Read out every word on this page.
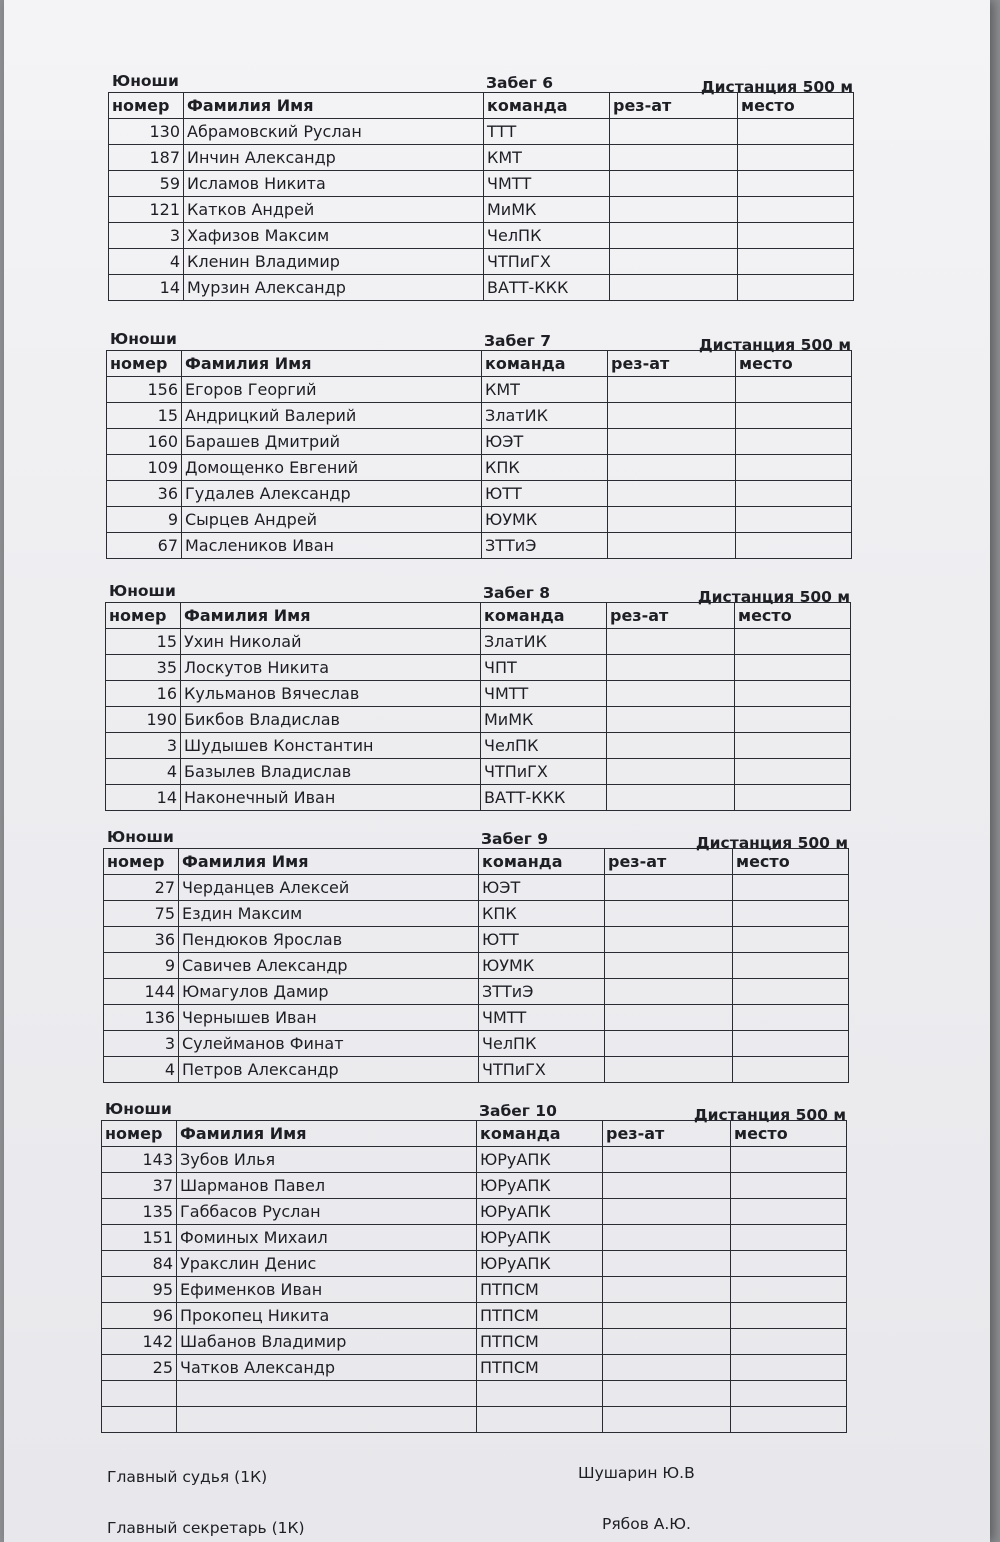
Юноши	Забег 6	Дистанция 500 м
номер	Фамилия Имя	команда	рез-ат	место
130	Абрамовский Руслан	ТТТ		
187	Инчин Александр	КМТ		
59	Исламов Никита	ЧМТТ		
121	Катков Андрей	МиМК		
3	Хафизов Максим	ЧелПК		
4	Кленин Владимир	ЧТПиГХ		
14	Мурзин Александр	ВАТТ-ККК		
Юноши	Забег 7	Дистанция 500 м
номер	Фамилия Имя	команда	рез-ат	место
156	Егоров Георгий	КМТ		
15	Андрицкий Валерий	ЗлатИК		
160	Барашев Дмитрий	ЮЭТ		
109	Домощенко Евгений	КПК		
36	Гудалев Александр	ЮТТ		
9	Сырцев Андрей	ЮУМК		
67	Маслеников Иван	ЗТТиЭ		
Юноши	Забег 8	Дистанция 500 м
номер	Фамилия Имя	команда	рез-ат	место
15	Ухин Николай	ЗлатИК		
35	Лоскутов Никита	ЧПТ		
16	Кульманов Вячеслав	ЧМТТ		
190	Бикбов Владислав	МиМК		
3	Шудышев Константин	ЧелПК		
4	Базылев Владислав	ЧТПиГХ		
14	Наконечный Иван	ВАТТ-ККК		
Юноши	Забег 9	Дистанция 500 м
номер	Фамилия Имя	команда	рез-ат	место
27	Черданцев Алексей	ЮЭТ		
75	Ездин Максим	КПК		
36	Пендюков Ярослав	ЮТТ		
9	Савичев Александр	ЮУМК		
144	Юмагулов Дамир	ЗТТиЭ		
136	Чернышев Иван	ЧМТТ		
3	Сулейманов Финат	ЧелПК		
4	Петров Александр	ЧТПиГХ		
Юноши	Забег 10	Дистанция 500 м
номер	Фамилия Имя	команда	рез-ат	место
143	Зубов Илья	ЮРуАПК		
37	Шарманов Павел	ЮРуАПК		
135	Габбасов Руслан	ЮРуАПК		
151	Фоминых Михаил	ЮРуАПК		
84	Уракслин Денис	ЮРуАПК		
95	Ефименков Иван	ПТПСМ		
96	Прокопец Никита	ПТПСМ		
142	Шабанов Владимир	ПТПСМ		
25	Чатков Александр	ПТПСМ		

Главный судья (1К)	Шушарин Ю.В
Главный секретарь (1К)	Рябов А.Ю.
